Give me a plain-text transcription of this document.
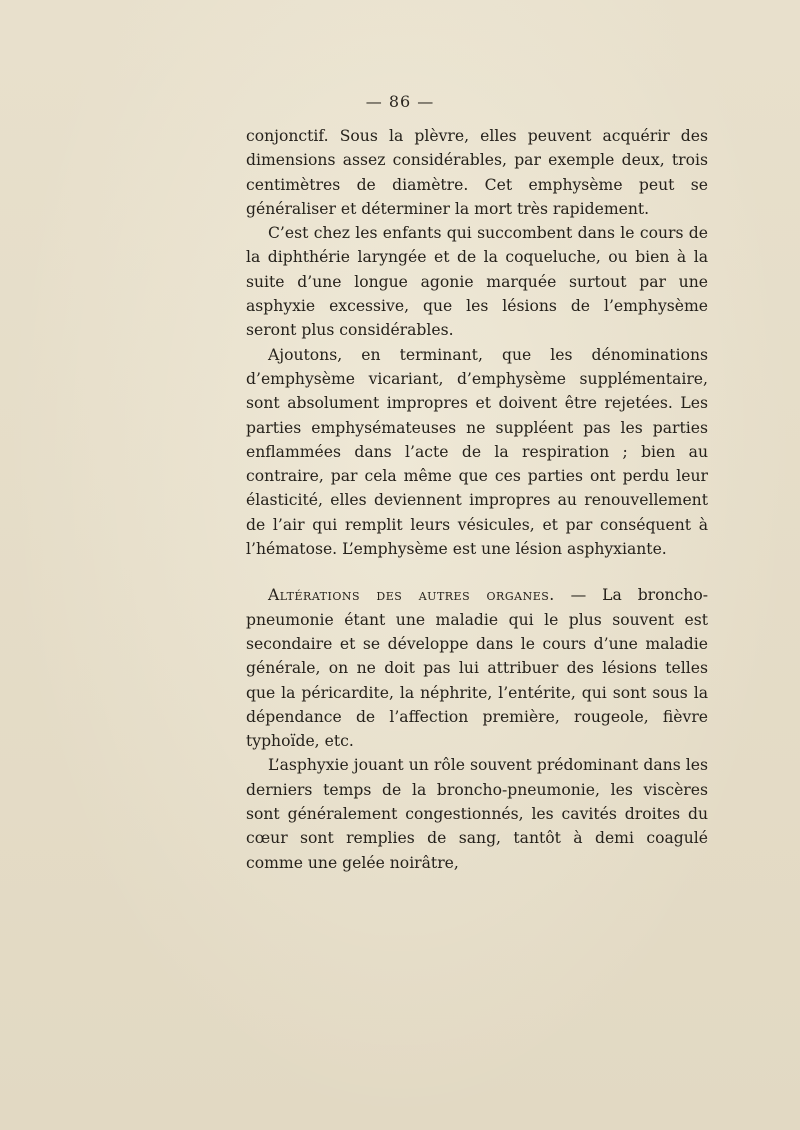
— 86 —

conjonctif. Sous la plèvre, elles peuvent acquérir des dimensions assez considérables, par exemple deux, trois centimètres de diamètre. Cet emphysème peut se généraliser et déterminer la mort très rapidement.

C’est chez les enfants qui succombent dans le cours de la diphthérie laryngée et de la coqueluche, ou bien à la suite d’une longue agonie marquée surtout par une asphyxie excessive, que les lésions de l’emphysème seront plus considérables.

Ajoutons, en terminant, que les dénominations d’emphysème vicariant, d’emphysème supplémentaire, sont absolument impropres et doivent être rejetées. Les parties emphysémateuses ne suppléent pas les parties enflammées dans l’acte de la respiration ; bien au contraire, par cela même que ces parties ont perdu leur élasticité, elles deviennent impropres au renouvellement de l’air qui remplit leurs vésicules, et par conséquent à l’hématose. L’emphysème est une lésion asphyxiante.

Altérations des autres organes. — La broncho-pneumonie étant une maladie qui le plus souvent est secondaire et se développe dans le cours d’une maladie générale, on ne doit pas lui attribuer des lésions telles que la péricardite, la néphrite, l’entérite, qui sont sous la dépendance de l’affection première, rougeole, fièvre typhoïde, etc.

L’asphyxie jouant un rôle souvent prédominant dans les derniers temps de la broncho-pneumonie, les viscères sont généralement congestionnés, les cavités droites du cœur sont remplies de sang, tantôt à demi coagulé comme une gelée noirâtre,
